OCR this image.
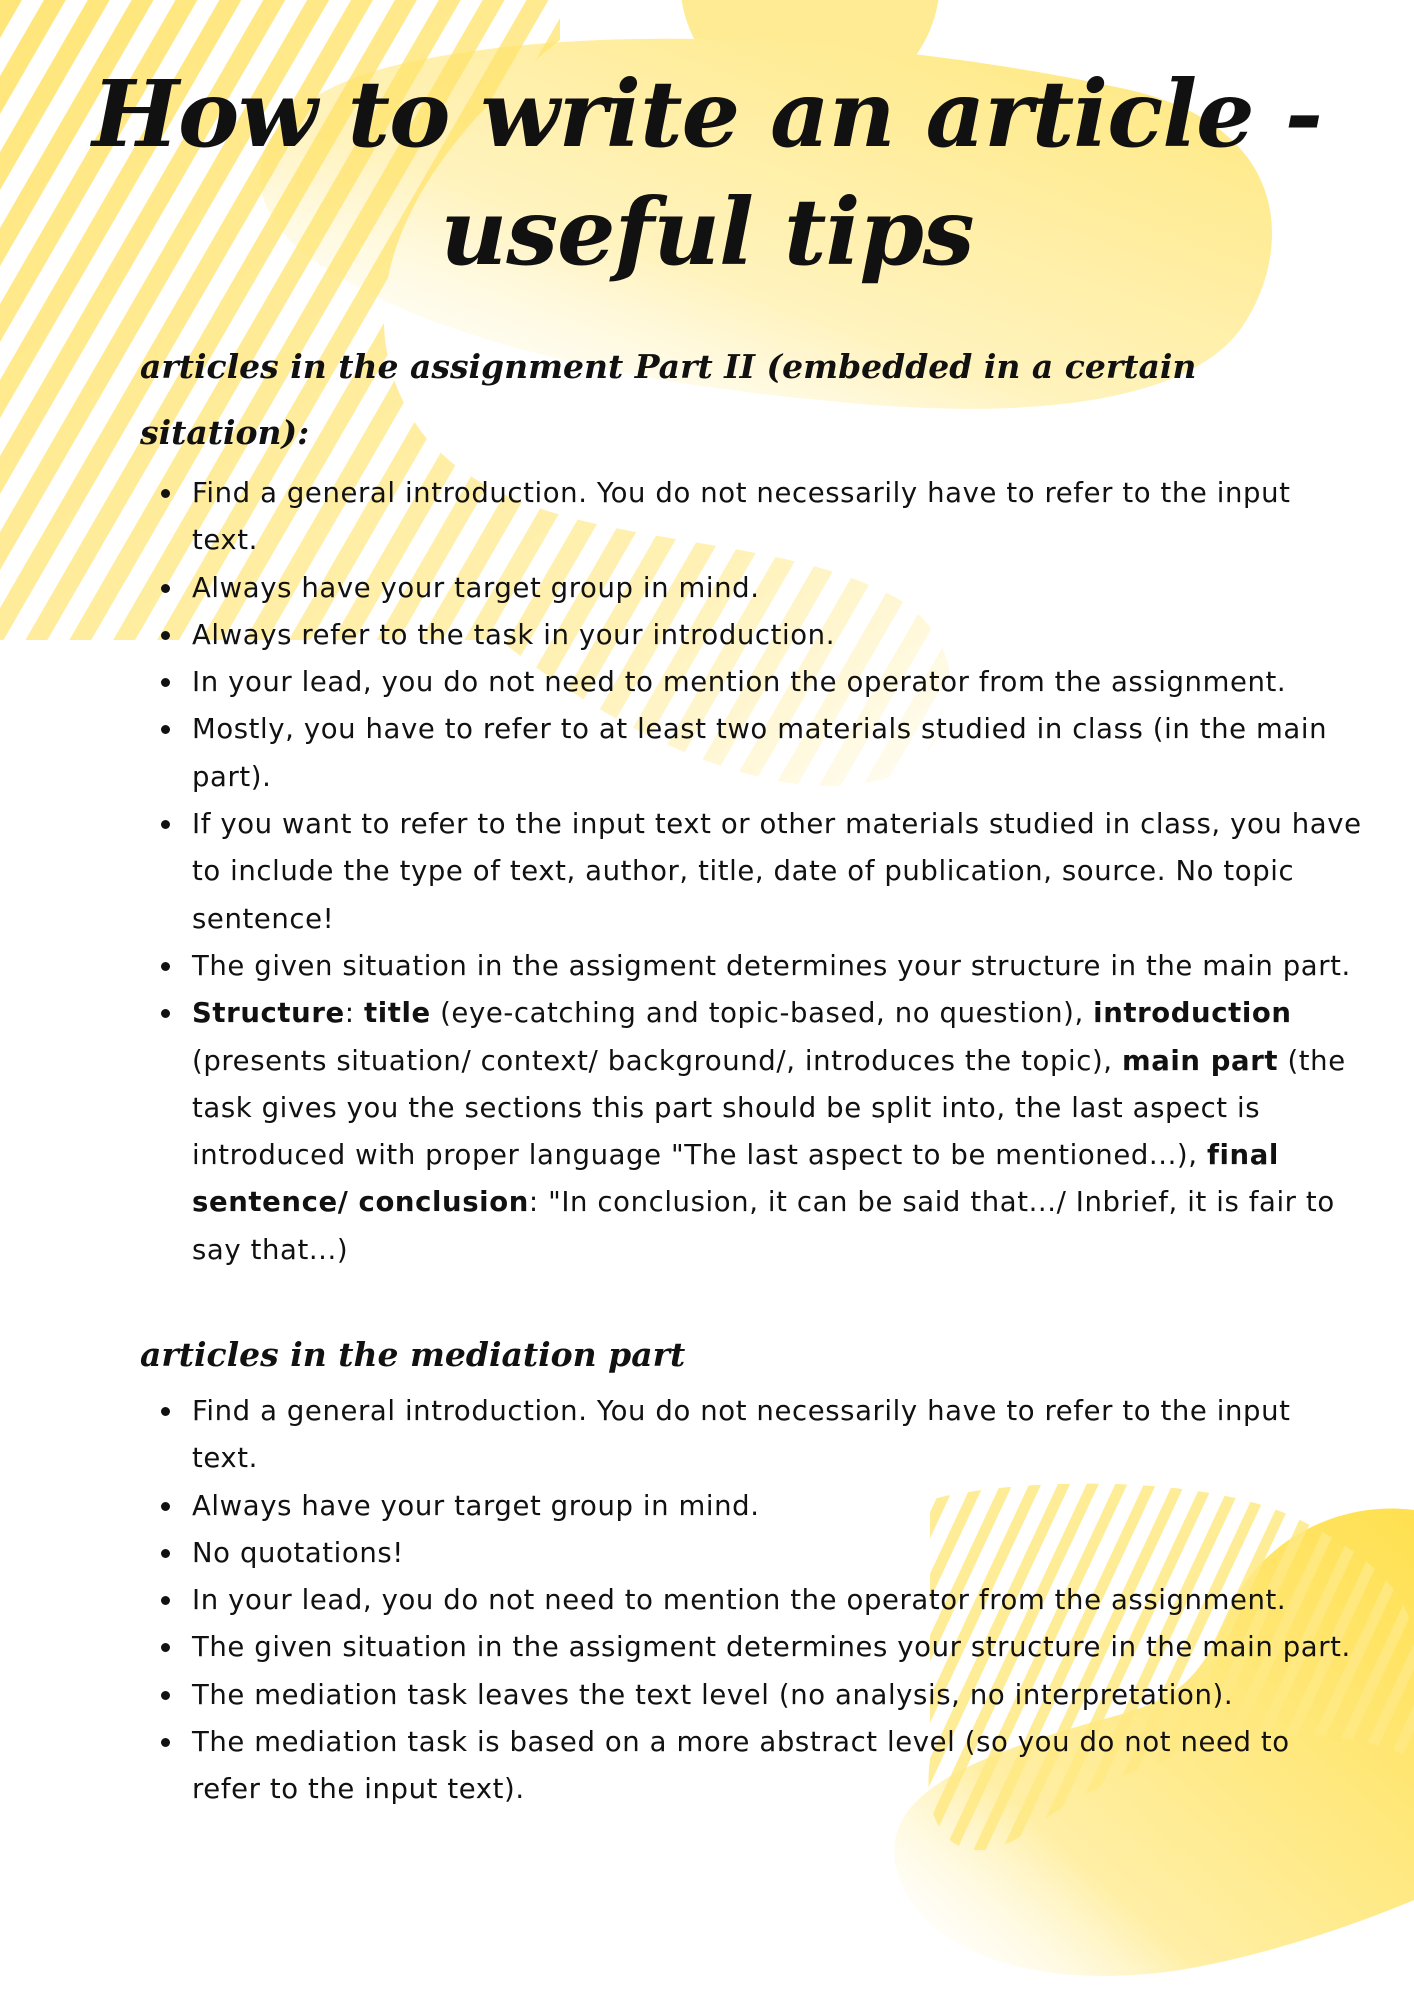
How to write an article -
useful tips
articles in the assignment Part II (embedded in a certain sitation):
Find a general introduction. You do not necessarily have to refer to the input text.
Always have your target group in mind.
Always refer to the task in your introduction.
In your lead, you do not need to mention the operator from the assignment.
Mostly, you have to refer to at least two materials studied in class (in the main part).
If you want to refer to the input text or other materials studied in class, you have to include the type of text, author, title, date of publication, source. No topic sentence!
The given situation in the assigment determines your structure in the main part.
Structure: title (eye-catching and topic-based, no question), introduction (presents situation/ context/ background/, introduces the topic), main part (the task gives you the sections this part should be split into, the last aspect is introduced with proper language "The last aspect to be mentioned...), final sentence/ conclusion: "In conclusion, it can be said that.../ Inbrief, it is fair to say that...)
articles in the mediation part
Find a general introduction. You do not necessarily have to refer to the input text.
Always have your target group in mind.
No quotations!
In your lead, you do not need to mention the operator from the assignment.
The given situation in the assigment determines your structure in the main part.
The mediation task leaves the text level (no analysis, no interpretation).
The mediation task is based on a more abstract level (so you do not need to refer to the input text).
